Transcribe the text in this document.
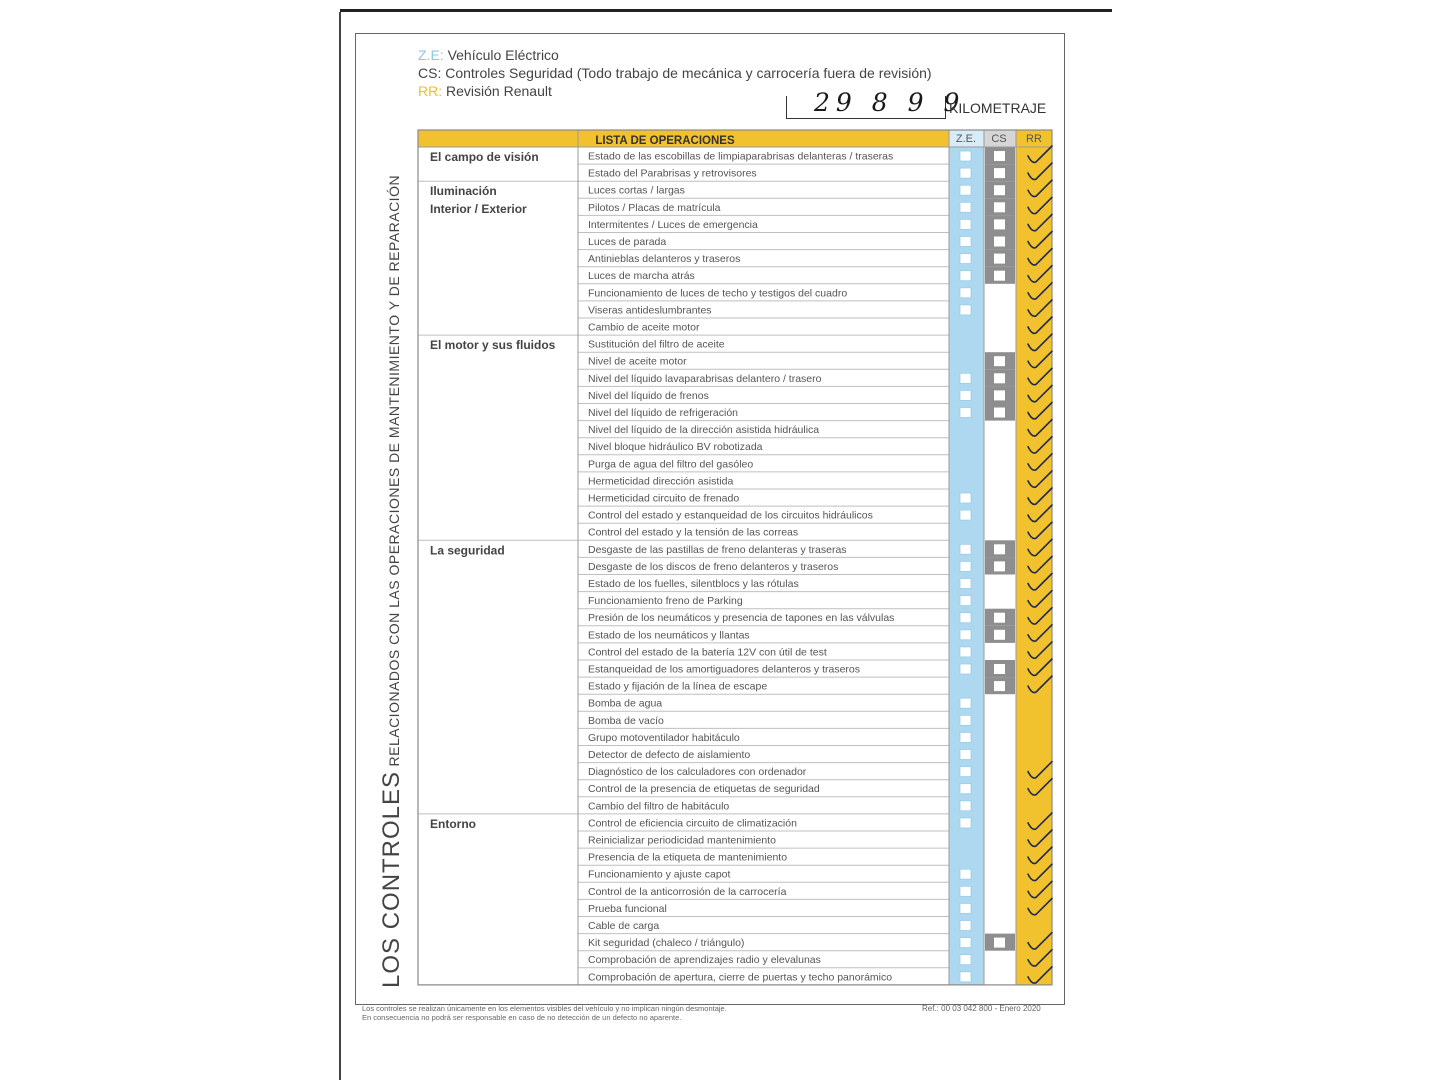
Z.E: Vehículo Eléctrico
CS: Controles Seguridad (Todo trabajo de mecánica y carrocería fuera de revisión)
RR: Revisión Renault	29 8 9 9
KILOMETRAJE
LOS CONTROLES RELACIONADOS CON LAS OPERACIONES DE MANTENIMIENTO Y DE REPARACIÓN
Estado de las escobillas de limpiaparabrisas delanteras / traseras
Estado del Parabrisas y retrovisores
Luces cortas / largas
Pilotos / Placas de matrícula
Intermitentes / Luces de emergencia
Luces de parada
Antinieblas delanteros y traseros
Luces de marcha atrás
Funcionamiento de luces de techo y testigos del cuadro
Viseras antideslumbrantes
Cambio de aceite motor
Sustitución del filtro de aceite
Nivel de aceite motor
Nivel del líquido lavaparabrisas delantero / trasero
Nivel del líquido de frenos
Nivel del líquido de refrigeración
Nivel del líquido de la dirección asistida hidráulica
Nivel bloque hidráulico BV robotizada
Purga de agua del filtro del gasóleo
Hermeticidad dirección asistida
Hermeticidad circuito de frenado
Control del estado y estanqueidad de los circuitos hidráulicos
Control del estado y la tensión de las correas
Desgaste de las pastillas de freno delanteras y traseras
Desgaste de los discos de freno delanteros y traseros
Estado de los fuelles, silentblocs y las rótulas
Funcionamiento freno de Parking
Presión de los neumáticos y presencia de tapones en las válvulas
Estado de los neumáticos y llantas
Control del estado de la batería 12V con útil de test
Estanqueidad de los amortiguadores delanteros y traseros
Estado y fijación de la línea de escape
Bomba de agua
Bomba de vacío
Grupo motoventilador habitáculo
Detector de defecto de aislamiento
Diagnóstico de los calculadores con ordenador
Control de la presencia de etiquetas de seguridad
Cambio del filtro de habitáculo
Control de eficiencia circuito de climatización
Reinicializar periodicidad mantenimiento
Presencia de la etiqueta de mantenimiento
Funcionamiento y ajuste capot
Control de la anticorrosión de la carrocería
Prueba funcional
Cable de carga
Kit seguridad (chaleco / triángulo)
Comprobación de aprendizajes radio y elevalunas
Comprobación de apertura, cierre de puertas y techo panorámico
El campo de visión
Iluminación
Interior / Exterior
El motor y sus fluidos
La seguridad
Entorno
LISTA DE OPERACIONES	Z.E. CS RR
Los controles se realizan únicamente en los elementos visibles del vehículo y no implican ningún desmontaje.
En consecuencia no podrá ser responsable en caso de no detección de un defecto no aparente.
Ref.: 00 03 042 800 - Enero 2020
